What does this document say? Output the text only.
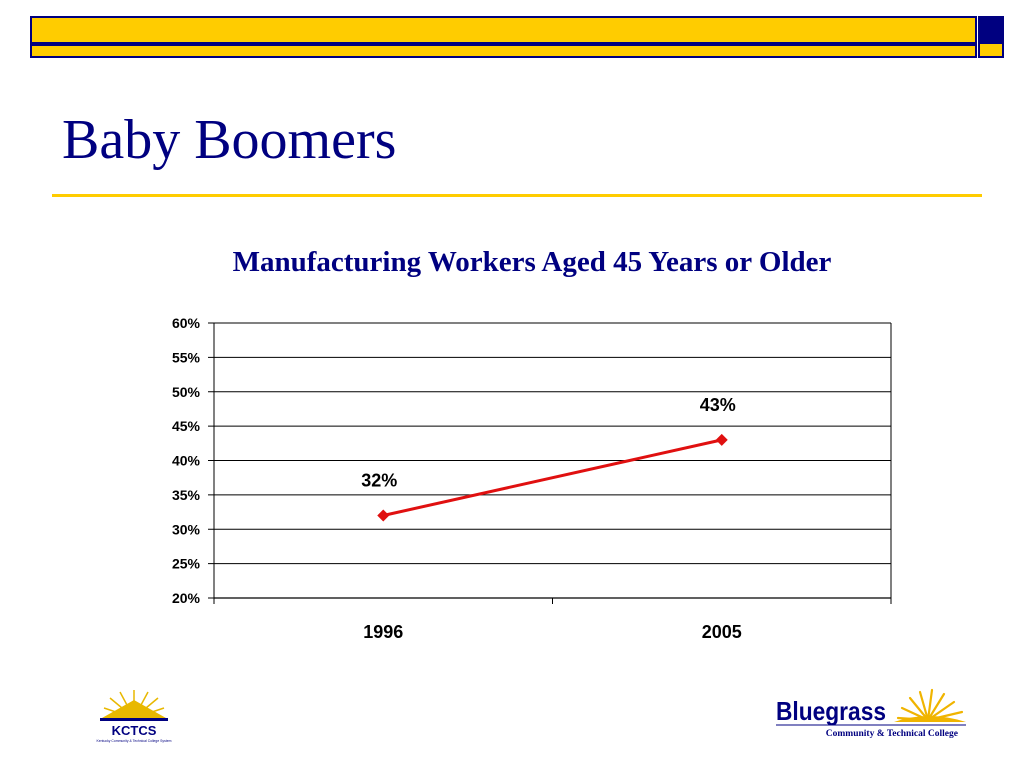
Baby Boomers
Manufacturing Workers Aged 45 Years or Older
20%
25%
30%
35%
40%
45%
50%
55%
60%
1996	2005
32%
43%
KCTCS
Kentucky Community & Technical College System
Bluegrass
Community & Technical College
